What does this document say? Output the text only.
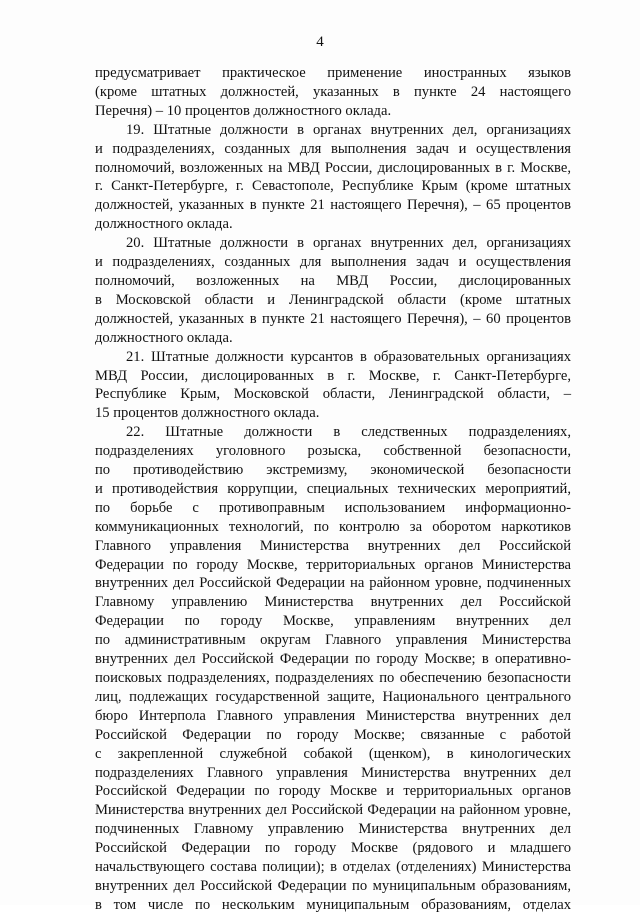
4
предусматривает практическое применение иностранных языков
(кроме штатных должностей, указанных в пункте 24 настоящего
Перечня) – 10 процентов должностного оклада.
19. Штатные должности в органах внутренних дел, организациях
и подразделениях, созданных для выполнения задач и осуществления
полномочий, возложенных на МВД России, дислоцированных в г. Москве,
г. Санкт-Петербурге, г. Севастополе, Республике Крым (кроме штатных
должностей, указанных в пункте 21 настоящего Перечня), – 65 процентов
должностного оклада.
20. Штатные должности в органах внутренних дел, организациях
и подразделениях, созданных для выполнения задач и осуществления
полномочий, возложенных на МВД России, дислоцированных
в Московской области и Ленинградской области (кроме штатных
должностей, указанных в пункте 21 настоящего Перечня), – 60 процентов
должностного оклада.
21. Штатные должности курсантов в образовательных организациях
МВД России, дислоцированных в г. Москве, г. Санкт-Петербурге,
Республике Крым, Московской области, Ленинградской области, –
15 процентов должностного оклада.
22. Штатные должности в следственных подразделениях,
подразделениях уголовного розыска, собственной безопасности,
по противодействию экстремизму, экономической безопасности
и противодействия коррупции, специальных технических мероприятий,
по борьбе с противоправным использованием информационно-
коммуникационных технологий, по контролю за оборотом наркотиков
Главного управления Министерства внутренних дел Российской
Федерации по городу Москве, территориальных органов Министерства
внутренних дел Российской Федерации на районном уровне, подчиненных
Главному управлению Министерства внутренних дел Российской
Федерации по городу Москве, управлениям внутренних дел
по административным округам Главного управления Министерства
внутренних дел Российской Федерации по городу Москве; в оперативно-
поисковых подразделениях, подразделениях по обеспечению безопасности
лиц, подлежащих государственной защите, Национального центрального
бюро Интерпола Главного управления Министерства внутренних дел
Российской Федерации по городу Москве; связанные с работой
с закрепленной служебной собакой (щенком), в кинологических
подразделениях Главного управления Министерства внутренних дел
Российской Федерации по городу Москве и территориальных органов
Министерства внутренних дел Российской Федерации на районном уровне,
подчиненных Главному управлению Министерства внутренних дел
Российской Федерации по городу Москве (рядового и младшего
начальствующего состава полиции); в отделах (отделениях) Министерства
внутренних дел Российской Федерации по муниципальным образованиям,
в том числе по нескольким муниципальным образованиям, отделах
